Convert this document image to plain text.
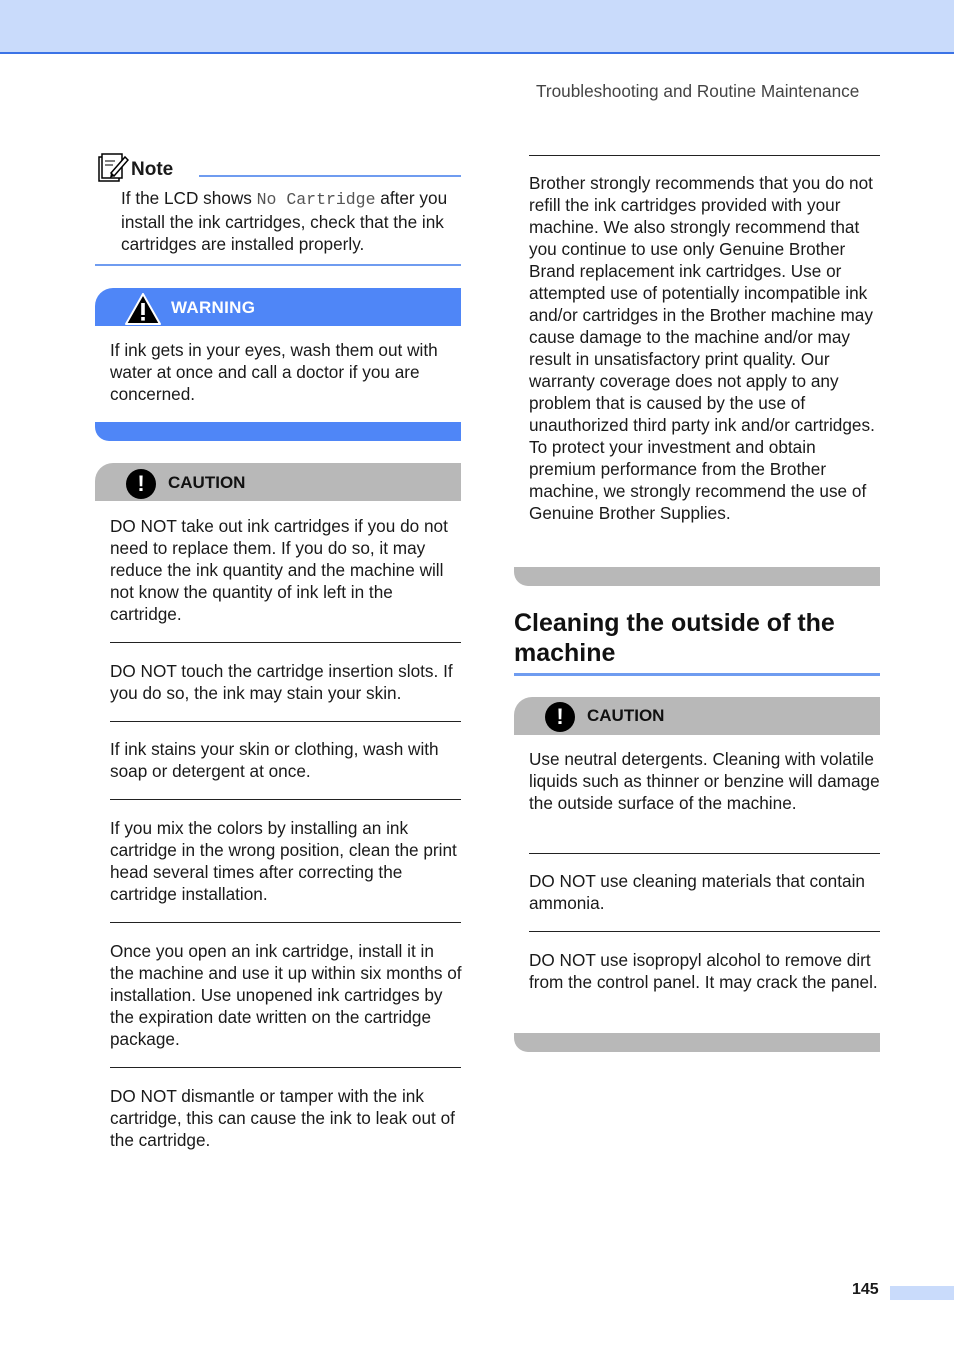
Troubleshooting and Routine Maintenance
Note
If the LCD shows No Cartridge after you install the ink cartridges, check that the ink cartridges are installed properly.
WARNING
If ink gets in your eyes, wash them out with water at once and call a doctor if you are concerned.
!	CAUTION
DO NOT take out ink cartridges if you do not need to replace them. If you do so, it may reduce the ink quantity and the machine will not know the quantity of ink left in the cartridge.
DO NOT touch the cartridge insertion slots. If you do so, the ink may stain your skin.
If ink stains your skin or clothing, wash with soap or detergent at once.
If you mix the colors by installing an ink cartridge in the wrong position, clean the print head several times after correcting the cartridge installation.
Once you open an ink cartridge, install it in the machine and use it up within six months of installation. Use unopened ink cartridges by the expiration date written on the cartridge package.
DO NOT dismantle or tamper with the ink cartridge, this can cause the ink to leak out of the cartridge.
Brother strongly recommends that you do not refill the ink cartridges provided with your machine. We also strongly recommend that you continue to use only Genuine Brother Brand replacement ink cartridges. Use or attempted use of potentially incompatible ink and/or cartridges in the Brother machine may cause damage to the machine and/or may result in unsatisfactory print quality. Our warranty coverage does not apply to any problem that is caused by the use of unauthorized third party ink and/or cartridges. To protect your investment and obtain premium performance from the Brother machine, we strongly recommend the use of Genuine Brother Supplies.
Cleaning the outside of the machine
!	CAUTION
Use neutral detergents. Cleaning with volatile liquids such as thinner or benzine will damage the outside surface of the machine.
DO NOT use cleaning materials that contain ammonia.
DO NOT use isopropyl alcohol to remove dirt from the control panel. It may crack the panel.
145
